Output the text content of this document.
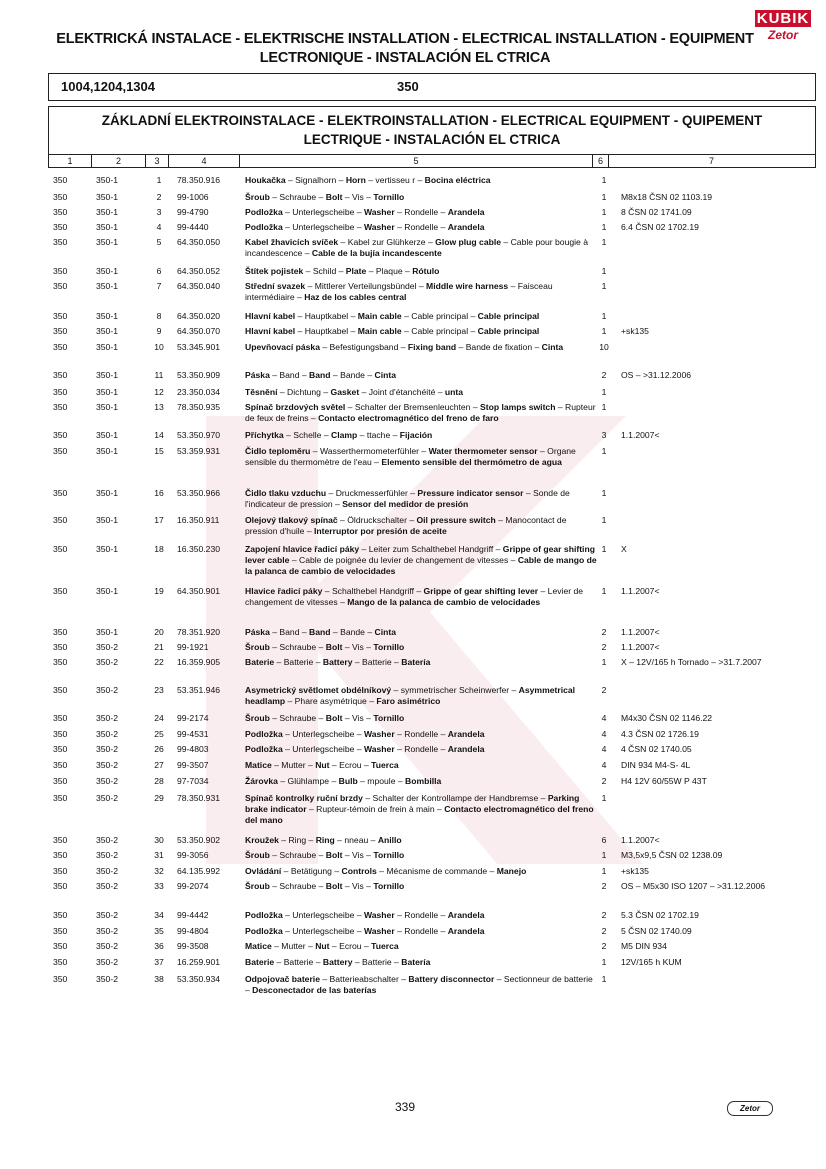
ELEKTRICKÁ INSTALACE - ELEKTRISCHE INSTALLATION - ELECTRICAL INSTALLATION - EQUIPMENT
LECTRONIQUE - INSTALACIÓN EL CTRICA
KUBIK
Zetor
1004,1204,1304	350
ZÁKLADNÍ ELEKTROINSTALACE - ELEKTROINSTALLATION - ELECTRICAL EQUIPMENT - QUIPEMENT
LECTRIQUE - INSTALACIÓN EL CTRICA
1	2	3	4	5	6	7
350	350-1	1	78.350.916	1
Houkačka – Signalhorn – Horn – vertisseu r – Bocina eléctrica
350	350-1	2	99-1006	1	M8x18 ČSN 02 1103.19
Šroub – Schraube – Bolt – Vis – Tornillo
350	350-1	3	99-4790	1	8 ČSN 02 1741.09
Podložka – Unterlegscheibe – Washer – Rondelle – Arandela
350	350-1	4	99-4440	1	6.4 ČSN 02 1702.19
Podložka – Unterlegscheibe – Washer – Rondelle – Arandela
350	350-1	5	64.350.050	1
Kabel žhavicích svíček – Kabel zur Glühkerze – Glow plug cable – Cable pour bougie à incandescence – Cable de la bujía incandescente
350	350-1	6	64.350.052	1
Štítek pojistek – Schild – Plate – Plaque – Rótulo
350	350-1	7	64.350.040	1
Střední svazek – Mittlerer Verteilungsbündel – Middle wire harness – Faisceau intermédiaire – Haz de los cables central
350	350-1	8	64.350.020	1
Hlavní kabel – Hauptkabel – Main cable – Cable principal – Cable principal
350	350-1	9	64.350.070	1	+sk135
Hlavní kabel – Hauptkabel – Main cable – Cable principal – Cable principal
350	350-1	10 53.345.901	10
Upevňovací páska – Befestigungsband – Fixing band – Bande de fixation – Cinta
350	350-1	11 53.350.909	2	OS – >31.12.2006
Páska – Band – Band – Bande – Cinta
350	350-1	12 23.350.034	1
Těsnění – Dichtung – Gasket – Joint d'étanchéité – unta
350	350-1	13 78.350.935	1
Spínač brzdových světel – Schalter der Bremsenleuchten – Stop lamps switch – Rupteur de feux de freins – Contacto electromagnético del freno de faro
350	350-1	14 53.350.970	3	1.1.2007<
Příchytka – Schelle – Clamp – ttache – Fijación
350	350-1	15 53.359.931	1
Čidlo teploměru – Wasserthermometerfühler – Water thermometer sensor – Organe sensible du thermomètre de l'eau – Elemento sensible del thermómetro de agua
350	350-1	16 53.350.966	1
Čidlo tlaku vzduchu – Druckmesserfühler – Pressure indicator sensor – Sonde de l'indicateur de pression – Sensor del medidor de presión
350	350-1	17 16.350.911	1
Olejový tlakový spínač – Öldruckschalter – Oil pressure switch – Manocontact de pression d'huile – Interruptor por presión de aceite
350	350-1	18 16.350.230	1	X
Zapojení hlavice řadicí páky – Leiter zum Schalthebel Handgriff – Grippe of gear shifting lever cable – Cable de poignée du levier de changement de vitesses – Cable de mango de la palanca de cambio de velocidades
350	350-1	19 64.350.901	1	1.1.2007<
Hlavice řadicí páky – Schalthebel Handgriff – Grippe of gear shifting lever – Levier de changement de vitesses – Mango de la palanca de cambio de velocidades
350	350-1	20 78.351.920	2	1.1.2007<
Páska – Band – Band – Bande – Cinta
350	350-2	21 99-1921	2	1.1.2007<
Šroub – Schraube – Bolt – Vis – Tornillo
350	350-2	22 16.359.905	1	X – 12V/165 h Tornado – >31.7.2007
Baterie – Batterie – Battery – Batterie – Batería
350	350-2	23 53.351.946	2
Asymetrický světlomet obdélníkový – symmetrischer Scheinwerfer – Asymmetrical headlamp – Phare asymétrique – Faro asimétrico
350	350-2	24 99-2174	4	M4x30 ČSN 02 1146.22
Šroub – Schraube – Bolt – Vis – Tornillo
350	350-2	25 99-4531	4	4.3 ČSN 02 1726.19
Podložka – Unterlegscheibe – Washer – Rondelle – Arandela
350	350-2	26 99-4803	4	4 ČSN 02 1740.05
Podložka – Unterlegscheibe – Washer – Rondelle – Arandela
350	350-2	27 99-3507	4	DIN 934 M4-S- 4L
Matice – Mutter – Nut – Ecrou – Tuerca
350	350-2	28 97-7034	2	H4 12V 60/55W P 43T
Žárovka – Glühlampe – Bulb – mpoule – Bombilla
350	350-2	29 78.350.931	1
Spínač kontrolky ruční brzdy – Schalter der Kontrollampe der Handbremse – Parking brake indicator – Rupteur-témoin de frein à main – Contacto electromagnético del freno del mano
350	350-2	30 53.350.902	6	1.1.2007<
Kroužek – Ring – Ring – nneau – Anillo
350	350-2	31 99-3056	1	M3,5x9,5 ČSN 02 1238.09
Šroub – Schraube – Bolt – Vis – Tornillo
350	350-2	32 64.135.992	1	+sk135
Ovládání – Betätigung – Controls – Mécanisme de commande – Manejo
350	350-2	33 99-2074	2	OS – M5x30 ISO 1207 – >31.12.2006
Šroub – Schraube – Bolt – Vis – Tornillo
350	350-2	34 99-4442	2	5.3 ČSN 02 1702.19
Podložka – Unterlegscheibe – Washer – Rondelle – Arandela
350	350-2	35 99-4804	2	5 ČSN 02 1740.09
Podložka – Unterlegscheibe – Washer – Rondelle – Arandela
350	350-2	36 99-3508	2	M5 DIN 934
Matice – Mutter – Nut – Ecrou – Tuerca
350	350-2	37 16.259.901	1	12V/165 h KUM
Baterie – Batterie – Battery – Batterie – Batería
350	350-2	38 53.350.934	1
Odpojovač baterie – Batterieabschalter – Battery disconnector – Sectionneur de batterie – Desconectador de las baterías
339	Zetor
